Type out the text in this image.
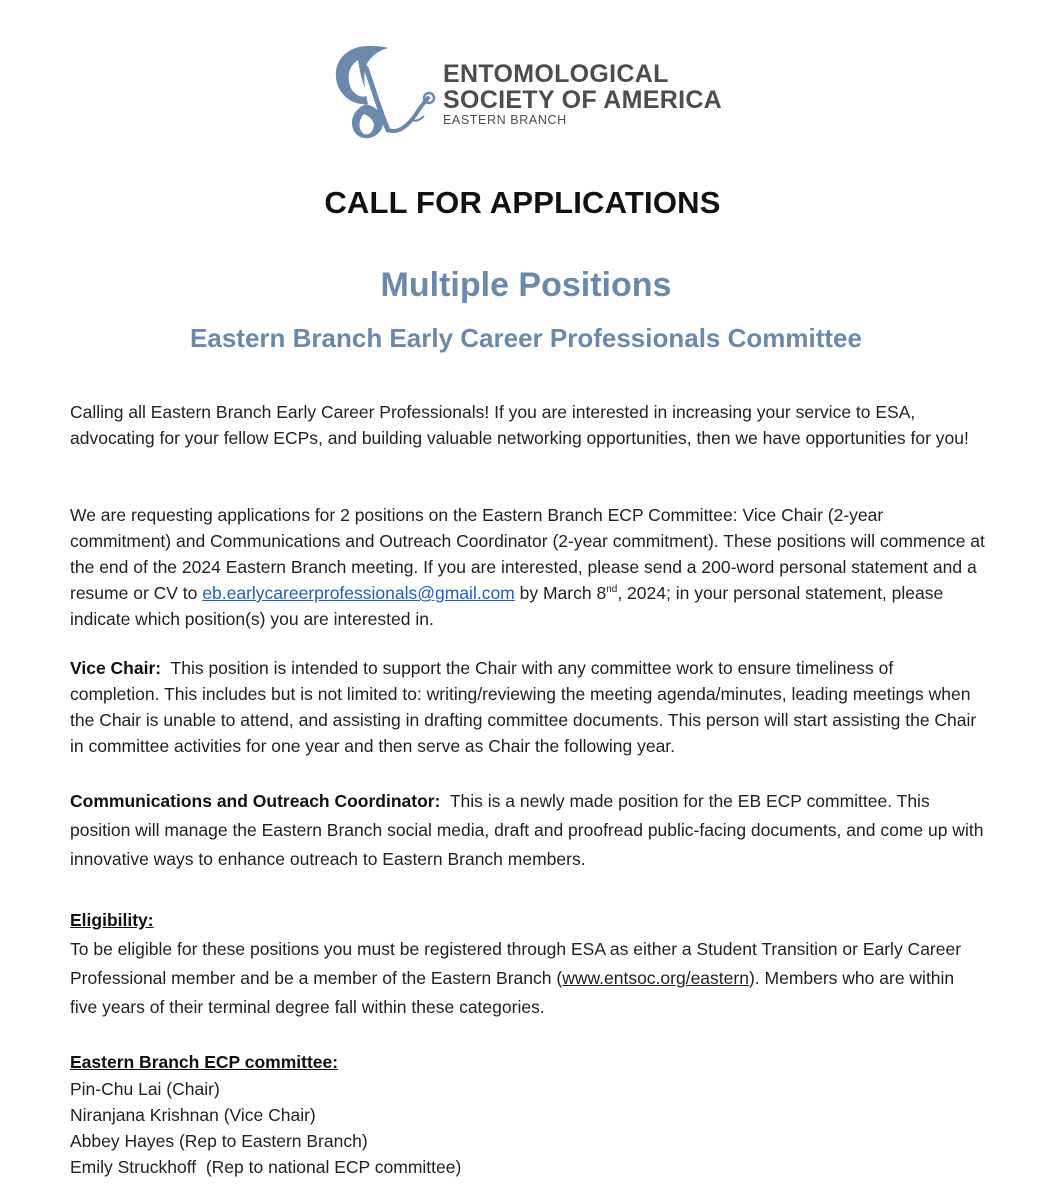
ENTOMOLOGICAL
SOCIETY OF AMERICA
EASTERN BRANCH
CALL FOR APPLICATIONS
Multiple Positions
Eastern Branch Early Career Professionals Committee
Calling all Eastern Branch Early Career Professionals! If you are interested in increasing your service to ESA, advocating for your fellow ECPs, and building valuable networking opportunities, then we have opportunities for you!
We are requesting applications for 2 positions on the Eastern Branch ECP Committee: Vice Chair (2-year commitment) and Communications and Outreach Coordinator (2-year commitment). These positions will commence at the end of the 2024 Eastern Branch meeting. If you are interested, please send a 200-word personal statement and a resume or CV to eb.earlycareerprofessionals@gmail.com by March 8nd, 2024; in your personal statement, please indicate which position(s) you are interested in.
Vice Chair:  This position is intended to support the Chair with any committee work to ensure timeliness of completion. This includes but is not limited to: writing/reviewing the meeting agenda/minutes, leading meetings when the Chair is unable to attend, and assisting in drafting committee documents. This person will start assisting the Chair in committee activities for one year and then serve as Chair the following year.
Communications and Outreach Coordinator:  This is a newly made position for the EB ECP committee. This position will manage the Eastern Branch social media, draft and proofread public-facing documents, and come up with innovative ways to enhance outreach to Eastern Branch members.
Eligibility:
To be eligible for these positions you must be registered through ESA as either a Student Transition or Early Career Professional member and be a member of the Eastern Branch (www.entsoc.org/eastern). Members who are within five years of their terminal degree fall within these categories.
Eastern Branch ECP committee:
Pin-Chu Lai (Chair)
Niranjana Krishnan (Vice Chair)
Abbey Hayes (Rep to Eastern Branch)
Emily Struckhoff  (Rep to national ECP committee)
